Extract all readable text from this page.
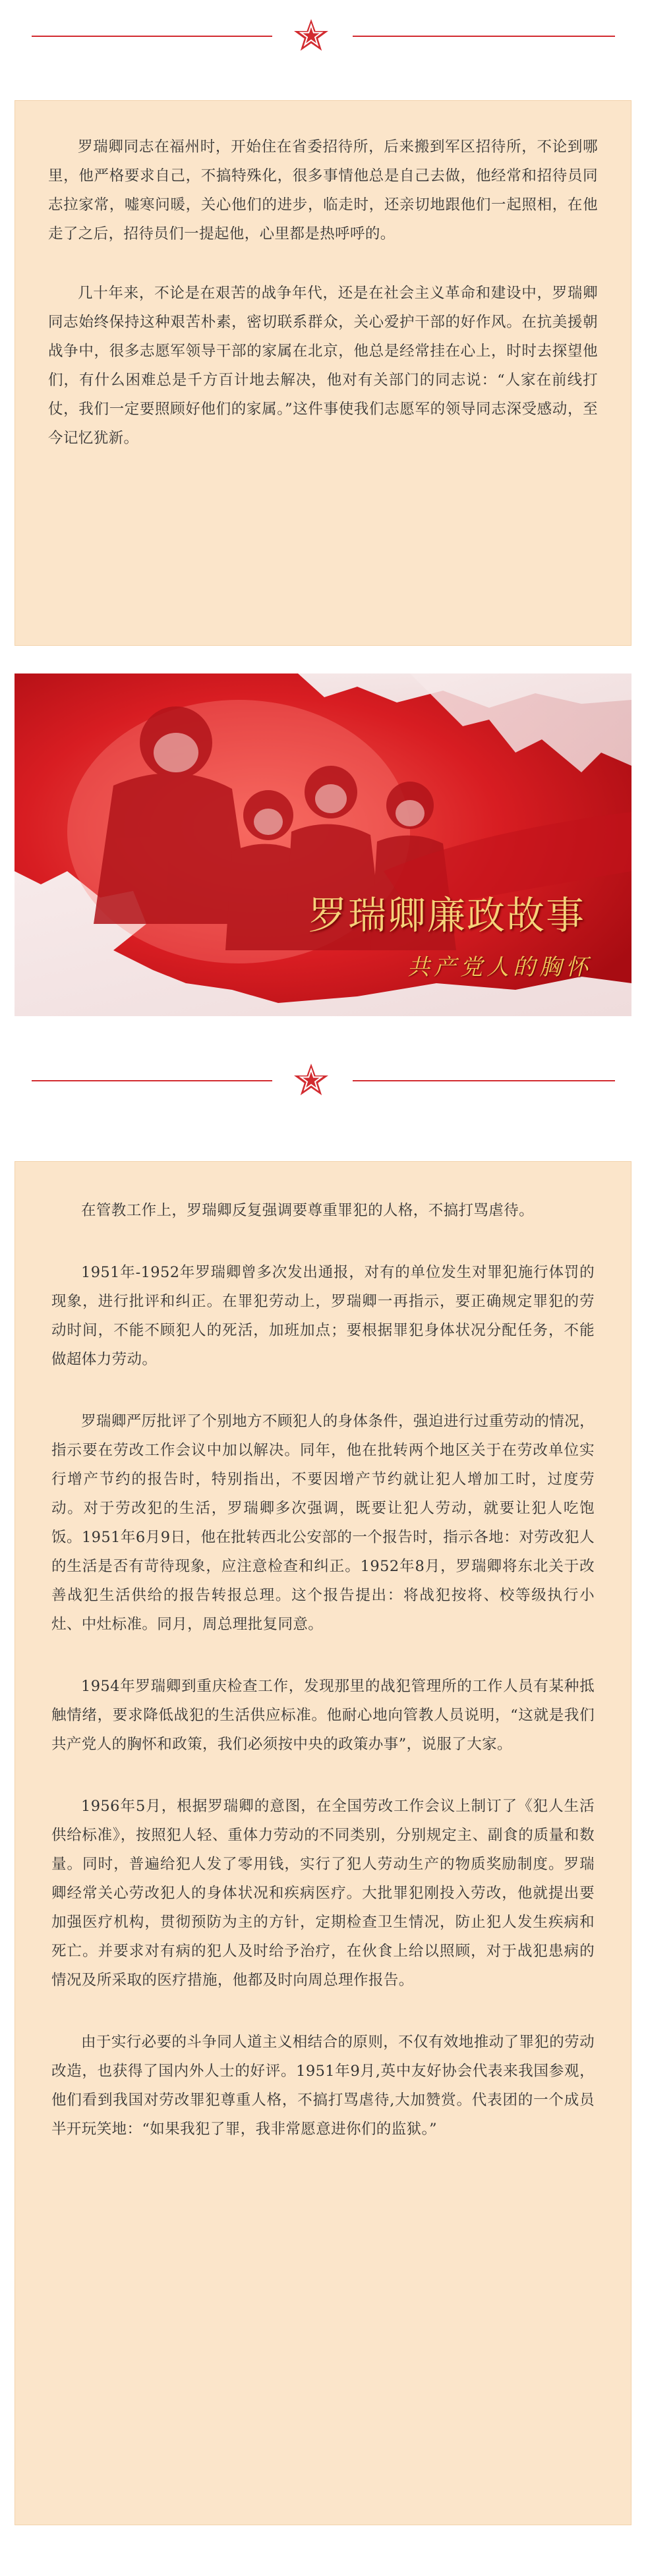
罗瑞卿同志在福州时，开始住在省委招待所，后来搬到军区招待所，不论到哪里，他严格要求自己，不搞特殊化，很多事情他总是自己去做，他经常和招待员同志拉家常，嘘寒问暖，关心他们的进步，临走时，还亲切地跟他们一起照相，在他走了之后，招待员们一提起他，心里都是热呼呼的。

几十年来，不论是在艰苦的战争年代，还是在社会主义革命和建设中，罗瑞卿同志始终保持这种艰苦朴素，密切联系群众，关心爱护干部的好作风。在抗美援朝战争中，很多志愿军领导干部的家属在北京，他总是经常挂在心上，时时去探望他们，有什么困难总是千方百计地去解决，他对有关部门的同志说：“人家在前线打仗，我们一定要照顾好他们的家属。”这件事使我们志愿军的领导同志深受感动，至今记忆犹新。

罗瑞卿廉政故事
共产党人的胸怀

在管教工作上，罗瑞卿反复强调要尊重罪犯的人格，不搞打骂虐待。

1951年-1952年罗瑞卿曾多次发出通报，对有的单位发生对罪犯施行体罚的现象，进行批评和纠正。在罪犯劳动上，罗瑞卿一再指示，要正确规定罪犯的劳动时间，不能不顾犯人的死活，加班加点；要根据罪犯身体状况分配任务，不能做超体力劳动。

罗瑞卿严厉批评了个别地方不顾犯人的身体条件，强迫进行过重劳动的情况，指示要在劳改工作会议中加以解决。同年，他在批转两个地区关于在劳改单位实行增产节约的报告时，特别指出，不要因增产节约就让犯人增加工时，过度劳动。对于劳改犯的生活，罗瑞卿多次强调，既要让犯人劳动，就要让犯人吃饱饭。1951年6月9日，他在批转西北公安部的一个报告时，指示各地：对劳改犯人的生活是否有苛待现象，应注意检查和纠正。1952年8月，罗瑞卿将东北关于改善战犯生活供给的报告转报总理。这个报告提出：将战犯按将、校等级执行小灶、中灶标准。同月，周总理批复同意。

1954年罗瑞卿到重庆检查工作，发现那里的战犯管理所的工作人员有某种抵触情绪，要求降低战犯的生活供应标准。他耐心地向管教人员说明，“这就是我们共产党人的胸怀和政策，我们必须按中央的政策办事”，说服了大家。

1956年5月，根据罗瑞卿的意图，在全国劳改工作会议上制订了《犯人生活供给标准》，按照犯人轻、重体力劳动的不同类别，分别规定主、副食的质量和数量。同时，普遍给犯人发了零用钱，实行了犯人劳动生产的物质奖励制度。罗瑞卿经常关心劳改犯人的身体状况和疾病医疗。大批罪犯刚投入劳改，他就提出要加强医疗机构，贯彻预防为主的方针，定期检查卫生情况，防止犯人发生疾病和死亡。并要求对有病的犯人及时给予治疗，在伙食上给以照顾，对于战犯患病的情况及所采取的医疗措施，他都及时向周总理作报告。

由于实行必要的斗争同人道主义相结合的原则，不仅有效地推动了罪犯的劳动改造，也获得了国内外人士的好评。1951年9月,英中友好协会代表来我国参观，他们看到我国对劳改罪犯尊重人格，不搞打骂虐待,大加赞赏。代表团的一个成员半开玩笑地：“如果我犯了罪，我非常愿意进你们的监狱。”
